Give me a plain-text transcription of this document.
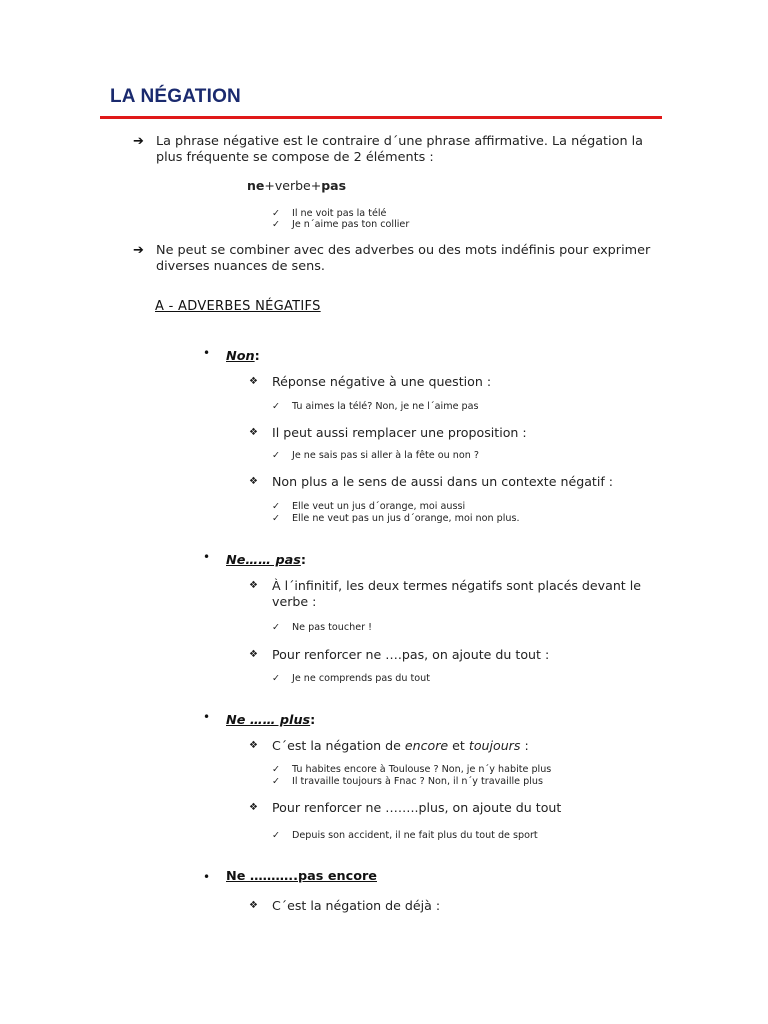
LA NÉGATION
➔ La phrase négative est le contraire d´une phrase affirmative. La négation la plus fréquente se compose de 2 éléments :
ne+verbe+pas
✓ Il ne voit pas la télé
✓ Je n´aime pas ton collier
➔ Ne peut se combiner avec des adverbes ou des mots indéfinis pour exprimer diverses nuances de sens.
A - ADVERBES NÉGATIFS
• Non:
❖ Réponse négative à une question :
✓ Tu aimes la télé? Non, je ne l´aime pas
❖ Il peut aussi remplacer une proposition :
✓ Je ne sais pas si aller à la fête ou non ?
❖ Non plus a le sens de aussi dans un contexte négatif :
✓ Elle veut un jus d´orange, moi aussi
✓ Elle ne veut pas un jus d´orange, moi non plus.
• Ne…… pas:
❖ À l´infinitif, les deux termes négatifs sont placés devant le
verbe :
✓ Ne pas toucher !
❖ Pour renforcer ne ….pas, on ajoute du tout :
✓ Je ne comprends pas du tout
• Ne …… plus:
❖ C´est la négation de encore et toujours :
✓ Tu habites encore à Toulouse ? Non, je n´y habite plus
✓ Il travaille toujours à Fnac ? Non, il n´y travaille plus
❖ Pour renforcer ne ……..plus, on ajoute du tout
✓ Depuis son accident, il ne fait plus du tout de sport
• Ne ………..pas encore
❖ C´est la négation de déjà :
